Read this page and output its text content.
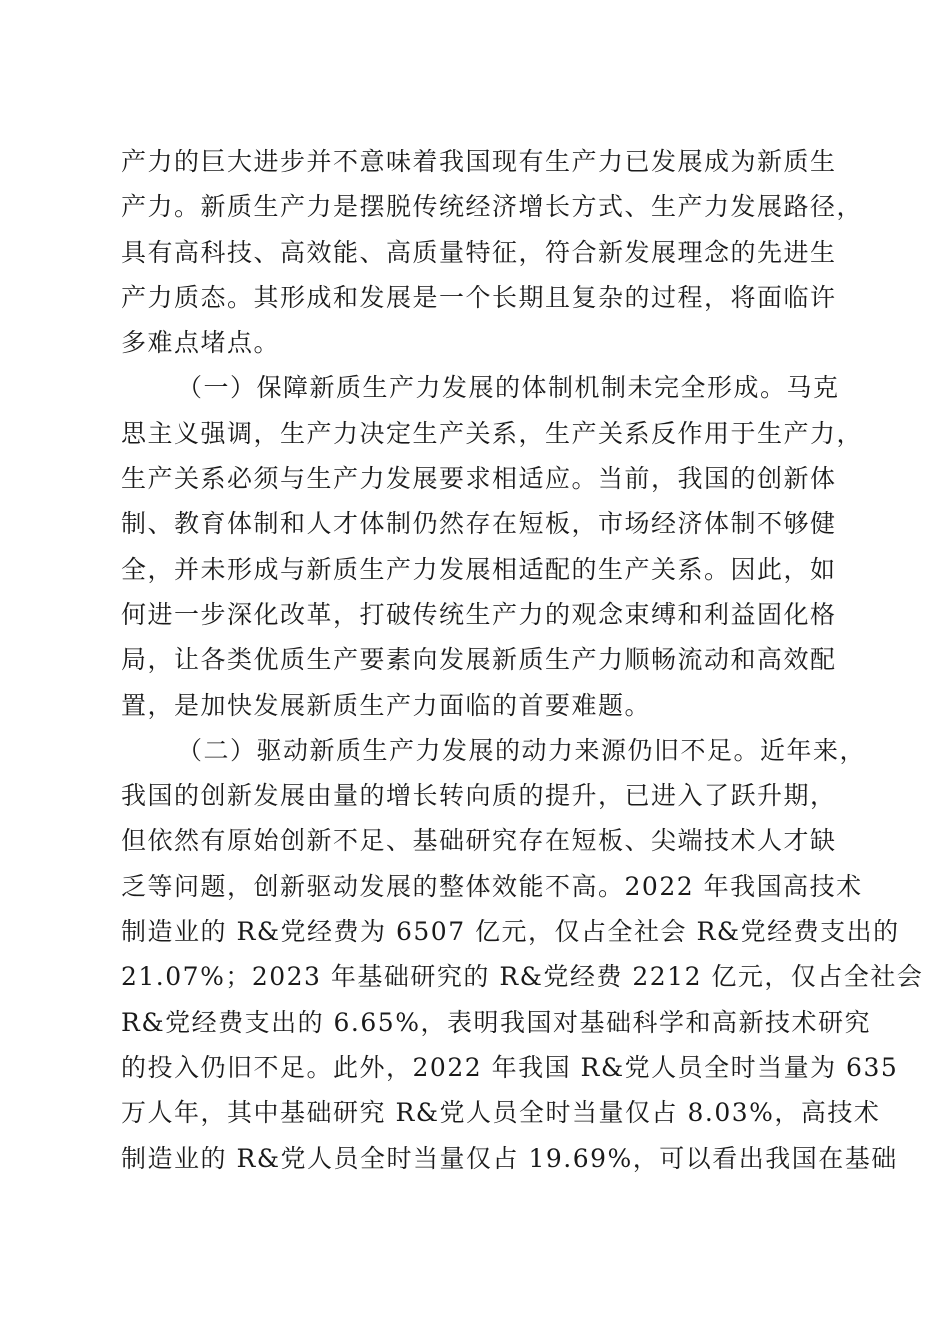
产力的巨大进步并不意味着我国现有生产力已发展成为新质生
产力。新质生产力是摆脱传统经济增长方式、生产力发展路径，
具有高科技、高效能、高质量特征，符合新发展理念的先进生
产力质态。其形成和发展是一个长期且复杂的过程，将面临许
多难点堵点。
（一）保障新质生产力发展的体制机制未完全形成。马克
思主义强调，生产力决定生产关系，生产关系反作用于生产力，
生产关系必须与生产力发展要求相适应。当前，我国的创新体
制、教育体制和人才体制仍然存在短板，市场经济体制不够健
全，并未形成与新质生产力发展相适配的生产关系。因此，如
何进一步深化改革，打破传统生产力的观念束缚和利益固化格
局，让各类优质生产要素向发展新质生产力顺畅流动和高效配
置，是加快发展新质生产力面临的首要难题。
（二）驱动新质生产力发展的动力来源仍旧不足。近年来，
我国的创新发展由量的增长转向质的提升，已进入了跃升期，
但依然有原始创新不足、基础研究存在短板、尖端技术人才缺
乏等问题，创新驱动发展的整体效能不高。2022 年我国高技术
制造业的 R&党经费为 6507 亿元，仅占全社会 R&党经费支出的
21.07%；2023 年基础研究的 R&党经费 2212 亿元，仅占全社会
R&党经费支出的 6.65%，表明我国对基础科学和高新技术研究
的投入仍旧不足。此外，2022 年我国 R&党人员全时当量为 635
万人年，其中基础研究 R&党人员全时当量仅占 8.03%，高技术
制造业的 R&党人员全时当量仅占 19.69%，可以看出我国在基础
